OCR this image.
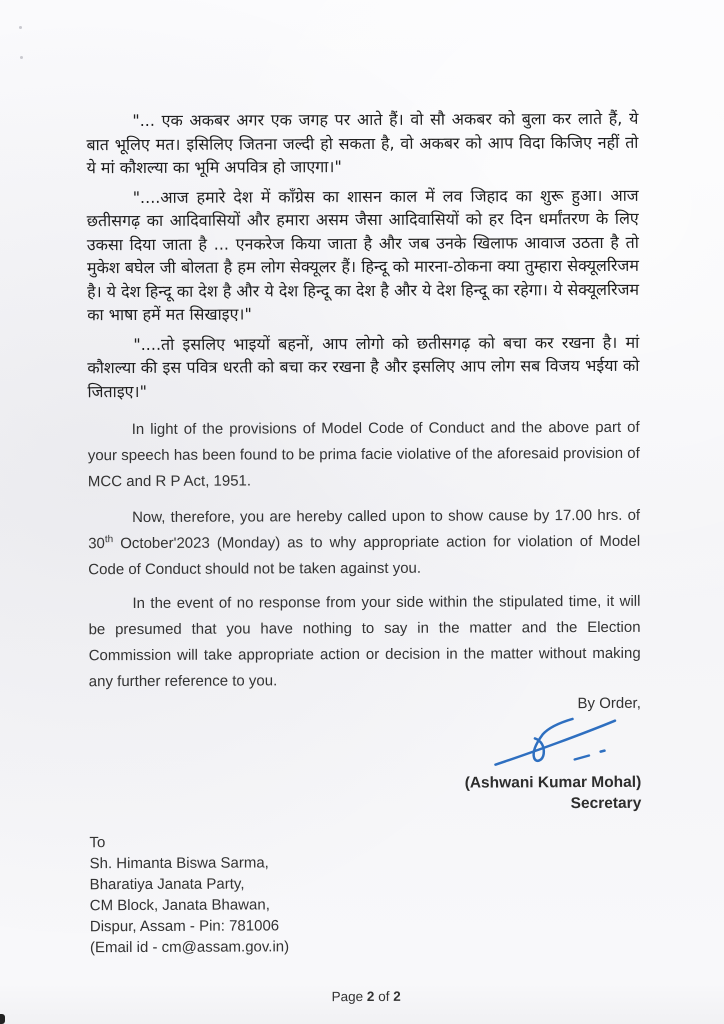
"... एक अकबर अगर एक जगह पर आते हैं। वो सौ अकबर को बुला कर लाते हैं, ये बात भूलिए मत। इसिलिए जितना जल्दी हो सकता है, वो अकबर को आप विदा किजिए नहीं तो ये मां कौशल्या का भूमि अपवित्र हो जाएगा।"

"....आज हमारे देश में काँग्रेस का शासन काल में लव जिहाद का शुरू हुआ। आज छतीसगढ़ का आदिवासियों और हमारा असम जैसा आदिवासियों को हर दिन धर्मांतरण के लिए उकसा दिया जाता है ... एनकरेज किया जाता है और जब उनके खिलाफ आवाज उठता है तो मुकेश बघेल जी बोलता है हम लोग सेक्यूलर हैं। हिन्दू को मारना-ठोकना क्या तुम्हारा सेक्यूलरिजम है। ये देश हिन्दू का देश है और ये देश हिन्दू का देश है और ये देश हिन्दू का रहेगा। ये सेक्यूलरिजम का भाषा हमें मत सिखाइए।"

"....तो इसलिए भाइयों बहनों, आप लोगो को छतीसगढ़ को बचा कर रखना है। मां कौशल्या की इस पवित्र धरती को बचा कर रखना है और इसलिए आप लोग सब विजय भईया को जिताइए।"

In light of the provisions of Model Code of Conduct and the above part of your speech has been found to be prima facie violative of the aforesaid provision of MCC and R P Act, 1951.

Now, therefore, you are hereby called upon to show cause by 17.00 hrs. of 30th October'2023 (Monday) as to why appropriate action for violation of Model Code of Conduct should not be taken against you.

In the event of no response from your side within the stipulated time, it will be presumed that you have nothing to say in the matter and the Election Commission will take appropriate action or decision in the matter without making any further reference to you.

By Order,
(Ashwani Kumar Mohal)
Secretary
To
Sh. Himanta Biswa Sarma,
Bharatiya Janata Party,
CM Block, Janata Bhawan,
Dispur, Assam - Pin: 781006
(Email id - cm@assam.gov.in)
Page 2 of 2
